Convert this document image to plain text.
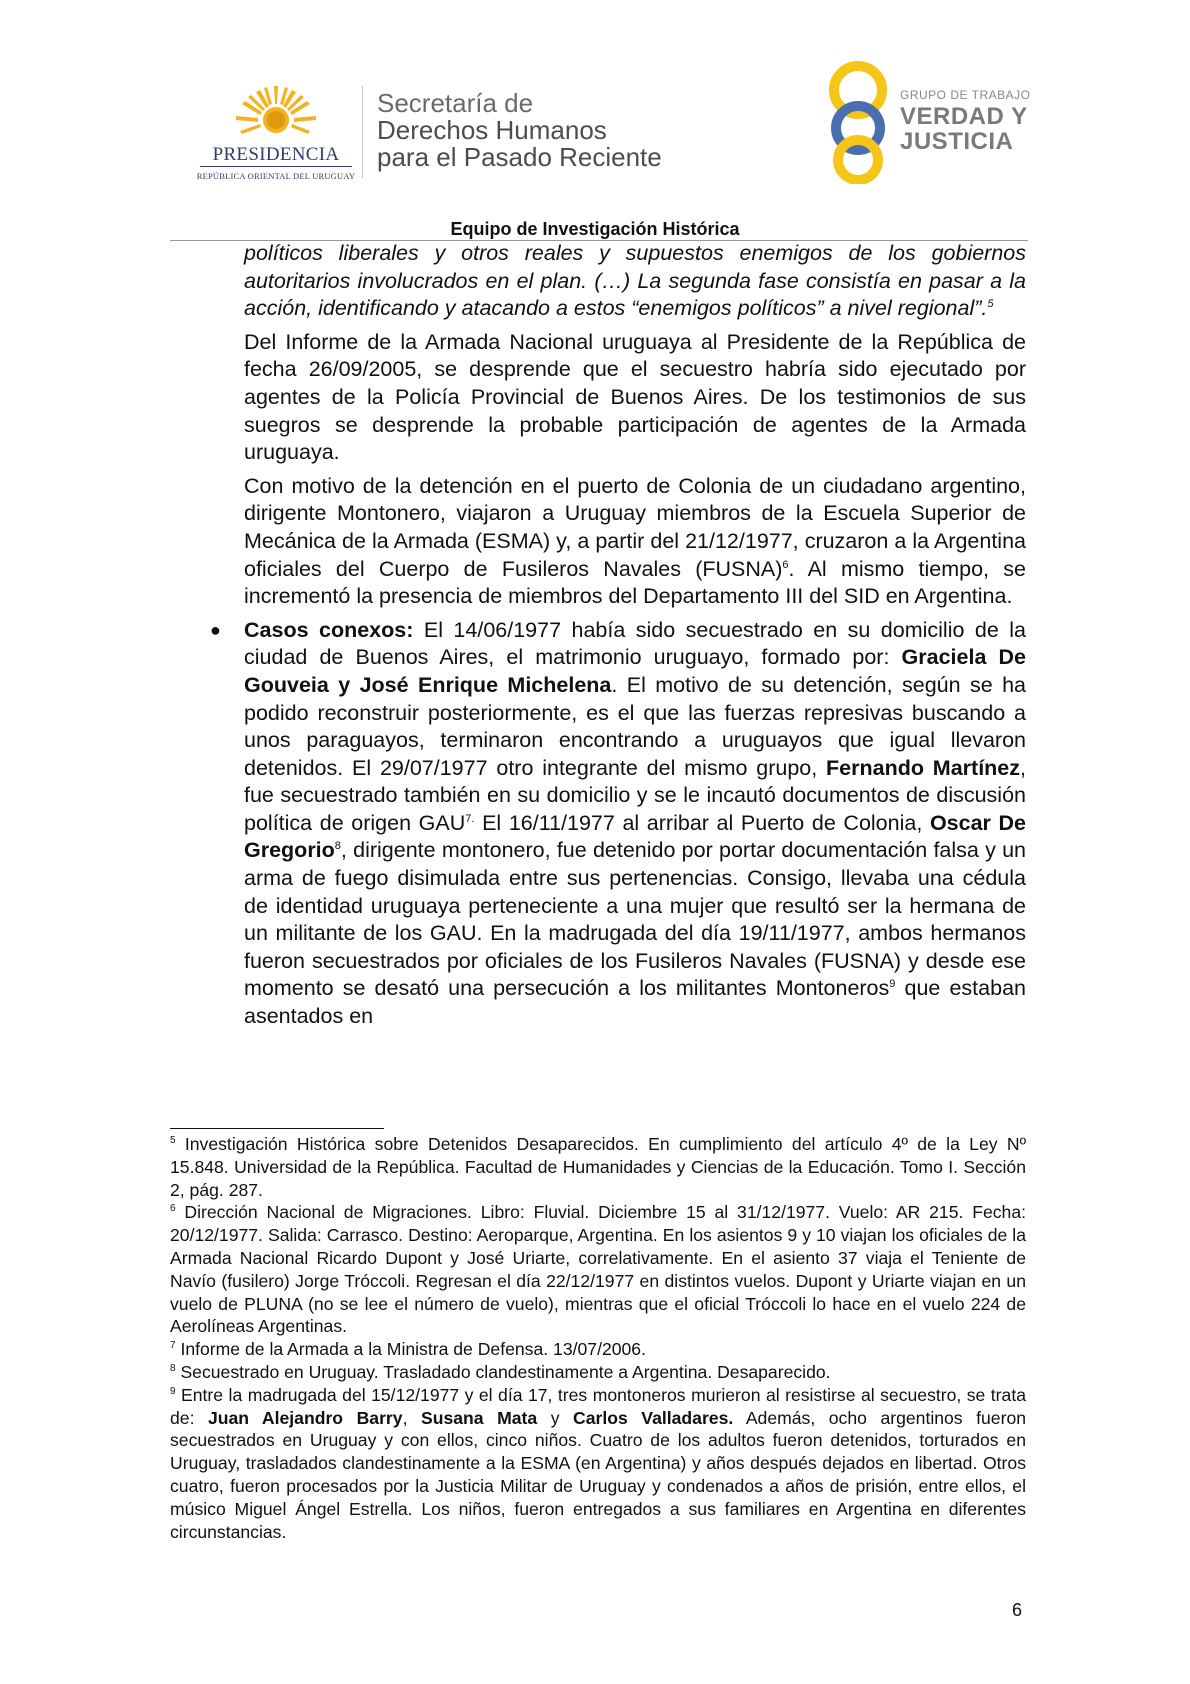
PRESIDENCIA
REPÚBLICA ORIENTAL DEL URUGUAY
Secretaría de
Derechos Humanos
para el Pasado Reciente
GRUPO DE TRABAJO
VERDAD Y
JUSTICIA
Equipo de Investigación Histórica

políticos liberales y otros reales y supuestos enemigos de los gobiernos autoritarios involucrados en el plan. (…) La segunda fase consistía en pasar a la acción, identificando y atacando a estos “enemigos políticos” a nivel regional”.$^5$

Del Informe de la Armada Nacional uruguaya al Presidente de la República de fecha 26/09/2005, se desprende que el secuestro habría sido ejecutado por agentes de la Policía Provincial de Buenos Aires. De los testimonios de sus suegros se desprende la probable participación de agentes de la Armada uruguaya.

Con motivo de la detención en el puerto de Colonia de un ciudadano argentino, dirigente Montonero, viajaron a Uruguay miembros de la Escuela Superior de Mecánica de la Armada (ESMA) y, a partir del 21/12/1977, cruzaron a la Argentina oficiales del Cuerpo de Fusileros Navales (FUSNA)$^6$. Al mismo tiempo, se incrementó la presencia de miembros del Departamento III del SID en Argentina.

● Casos conexos: El 14/06/1977 había sido secuestrado en su domicilio de la ciudad de Buenos Aires, el matrimonio uruguayo, formado por: Graciela De Gouveia y José Enrique Michelena. El motivo de su detención, según se ha podido reconstruir posteriormente, es el que las fuerzas represivas buscando a unos paraguayos, terminaron encontrando a uruguayos que igual llevaron detenidos. El 29/07/1977 otro integrante del mismo grupo, Fernando Martínez, fue secuestrado también en su domicilio y se le incautó documentos de discusión política de origen $GAU^{7.}$ El 16/11/1977 al arribar al Puerto de Colonia, Oscar De Gregorio$^8$, dirigente montonero, fue detenido por portar documentación falsa y un arma de fuego disimulada entre sus pertenencias. Consigo, llevaba una cédula de identidad uruguaya perteneciente a una mujer que resultó ser la hermana de un militante de los GAU. En la madrugada del día 19/11/1977, ambos hermanos fueron secuestrados por oficiales de los Fusileros Navales (FUSNA) y desde ese momento se desató una persecución a los militantes Montoneros$^9$ que estaban asentados en

$^5$ Investigación Histórica sobre Detenidos Desaparecidos. En cumplimiento del artículo 4º de la Ley Nº 15.848. Universidad de la República. Facultad de Humanidades y Ciencias de la Educación. Tomo I. Sección 2, pág. 287.

$^6$ Dirección Nacional de Migraciones. Libro: Fluvial. Diciembre 15 al 31/12/1977. Vuelo: AR 215. Fecha: 20/12/1977. Salida: Carrasco. Destino: Aeroparque, Argentina. En los asientos 9 y 10 viajan los oficiales de la Armada Nacional Ricardo Dupont y José Uriarte, correlativamente. En el asiento 37 viaja el Teniente de Navío (fusilero) Jorge Tróccoli. Regresan el día 22/12/1977 en distintos vuelos. Dupont y Uriarte viajan en un vuelo de PLUNA (no se lee el número de vuelo), mientras que el oficial Tróccoli lo hace en el vuelo 224 de Aerolíneas Argentinas.

$^7$ Informe de la Armada a la Ministra de Defensa. 13/07/2006.

$^8$ Secuestrado en Uruguay. Trasladado clandestinamente a Argentina. Desaparecido.

$^9$ Entre la madrugada del 15/12/1977 y el día 17, tres montoneros murieron al resistirse al secuestro, se trata de: Juan Alejandro Barry, Susana Mata y Carlos Valladares. Además, ocho argentinos fueron secuestrados en Uruguay y con ellos, cinco niños. Cuatro de los adultos fueron detenidos, torturados en Uruguay, trasladados clandestinamente a la ESMA (en Argentina) y años después dejados en libertad. Otros cuatro, fueron procesados por la Justicia Militar de Uruguay y condenados a años de prisión, entre ellos, el músico Miguel Ángel Estrella. Los niños, fueron entregados a sus familiares en Argentina en diferentes circunstancias.

6
